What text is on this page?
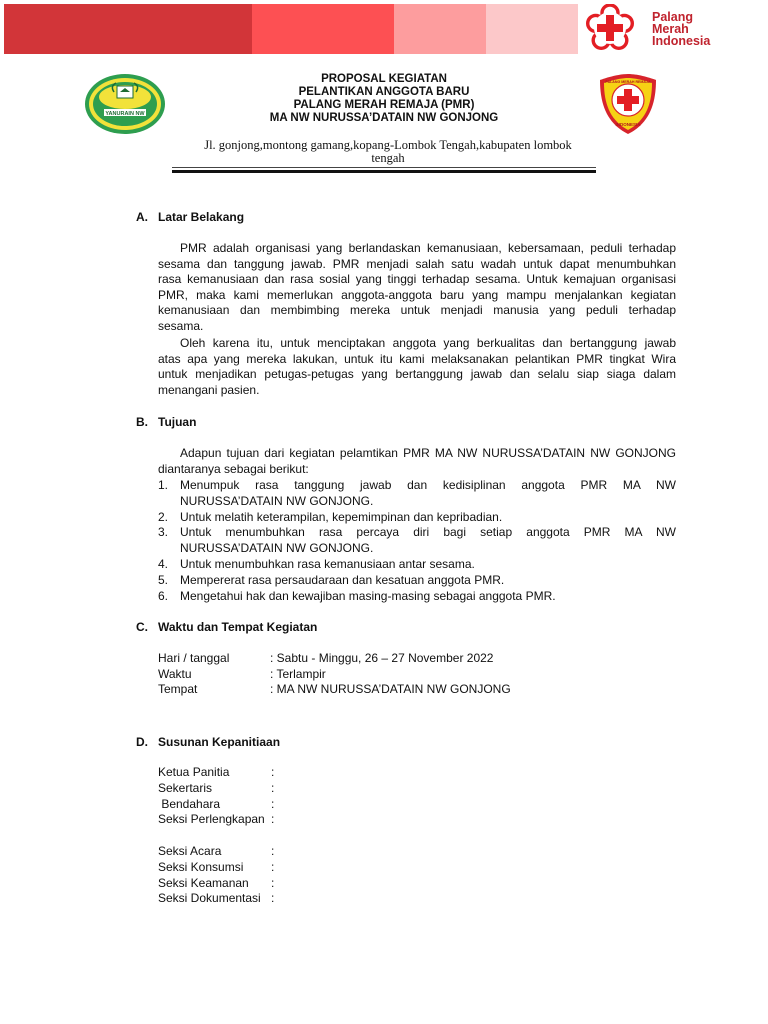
Palang
Merah
Indonesia
YANURAIN NW
PROPOSAL KEGIATAN
PELANTIKAN ANGGOTA BARU
PALANG MERAH REMAJA (PMR)
MA NW NURUSSA’DATAIN NW GONJONG
INDONESIA
PALANG MERAH REMAJA
Jl. gonjong,montong gamang,kopang-Lombok Tengah,kabupaten lombok
tengah
A. Latar Belakang
PMR adalah organisasi yang berlandaskan kemanusiaan, kebersamaan, peduli terhadap
sesama dan tanggung jawab. PMR menjadi salah satu wadah untuk dapat menumbuhkan
rasa kemanusiaan dan rasa sosial yang tinggi terhadap sesama. Untuk kemajuan organisasi
PMR, maka kami memerlukan anggota-anggota baru yang mampu menjalankan kegiatan
kemanusiaan dan membimbing mereka untuk menjadi manusia yang peduli terhadap
sesama.
Oleh karena itu, untuk menciptakan anggota yang berkualitas dan bertanggung jawab
atas apa yang mereka lakukan, untuk itu kami melaksanakan pelantikan PMR tingkat Wira
untuk menjadikan petugas-petugas yang bertanggung jawab dan selalu siap siaga dalam
menangani pasien.
B. Tujuan
Adapun tujuan dari kegiatan pelamtikan PMR MA NW NURUSSA’DATAIN NW GONJONG
diantaranya sebagai berikut:
1. Menumpuk rasa tanggung jawab dan kedisiplinan anggota PMR MA NW
NURUSSA’DATAIN NW GONJONG.
2. Untuk melatih keterampilan, kepemimpinan dan kepribadian.
3. Untuk menumbuhkan rasa percaya diri bagi setiap anggota PMR MA NW
NURUSSA’DATAIN NW GONJONG.
4. Untuk menumbuhkan rasa kemanusiaan antar sesama.
5. Mempererat rasa persaudaraan dan kesatuan anggota PMR.
6. Mengetahui hak dan kewajiban masing-masing sebagai anggota PMR.
C. Waktu dan Tempat Kegiatan
Hari / tanggal	: Sabtu - Minggu, 26 – 27 November 2022
Waktu	: Terlampir
Tempat	: MA NW NURUSSA’DATAIN NW GONJONG
D. Susunan Kepanitiaan
Ketua Panitia	:
Sekertaris	:
Bendahara	:
Seksi Perlengkapan :
Seksi Acara	:
Seksi Konsumsi :
Seksi Keamanan :
Seksi Dokumentasi :
